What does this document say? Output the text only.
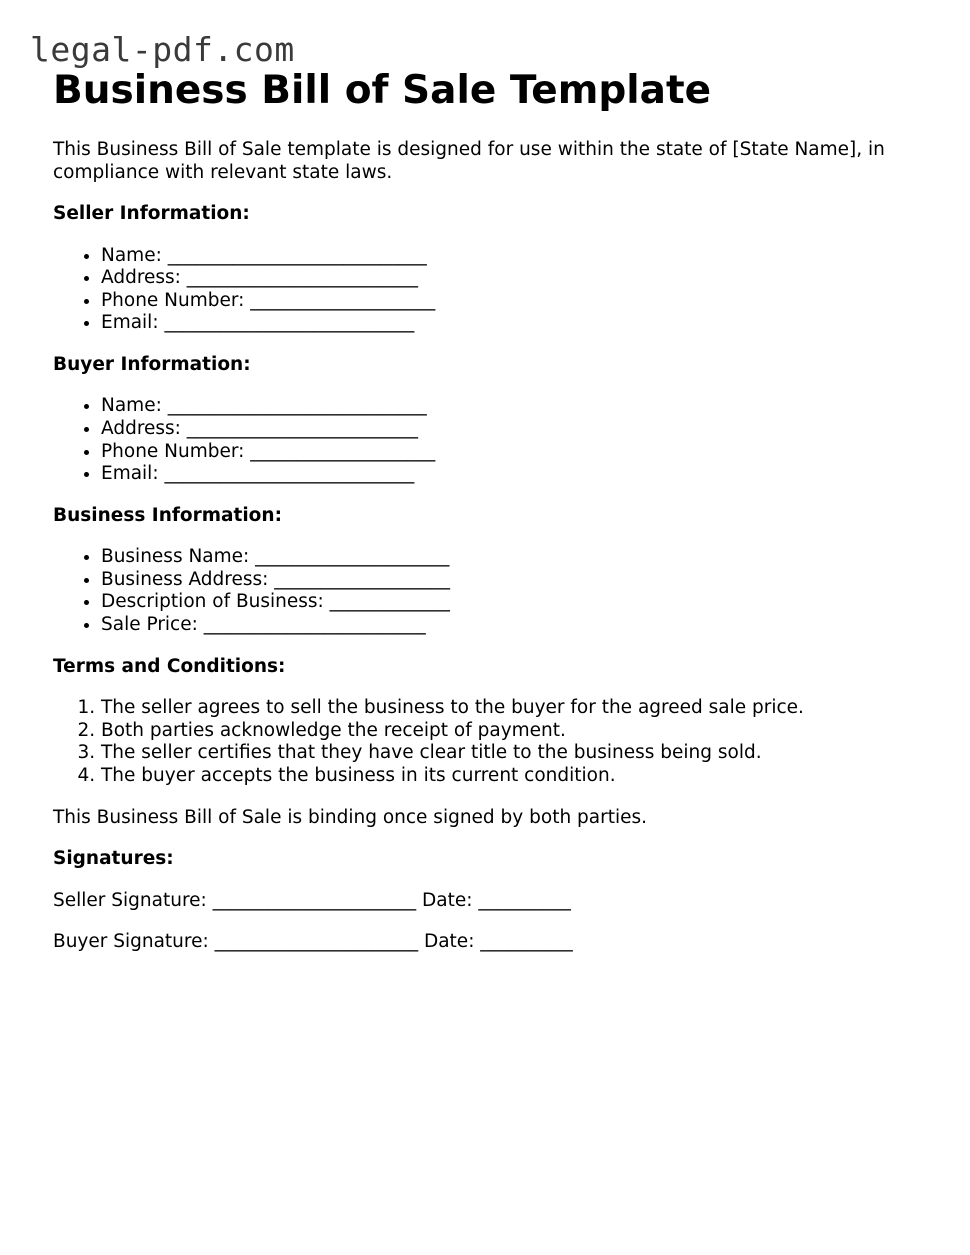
legal-pdf.com
Business Bill of Sale Template
This Business Bill of Sale template is designed for use within the state of [State Name], in compliance with relevant state laws.
Seller Information:
• Name: ____________________________
• Address: _________________________
• Phone Number: ____________________
• Email: ___________________________
Buyer Information:
• Name: ____________________________
• Address: _________________________
• Phone Number: ____________________
• Email: ___________________________
Business Information:
• Business Name: _____________________
• Business Address: ___________________
• Description of Business: _____________
• Sale Price: ________________________
Terms and Conditions:
1. The seller agrees to sell the business to the buyer for the agreed sale price.
2. Both parties acknowledge the receipt of payment.
3. The seller certifies that they have clear title to the business being sold.
4. The buyer accepts the business in its current condition.

This Business Bill of Sale is binding once signed by both parties.

Signatures:

Seller Signature: ______________________ Date: __________

Buyer Signature: ______________________ Date: __________
